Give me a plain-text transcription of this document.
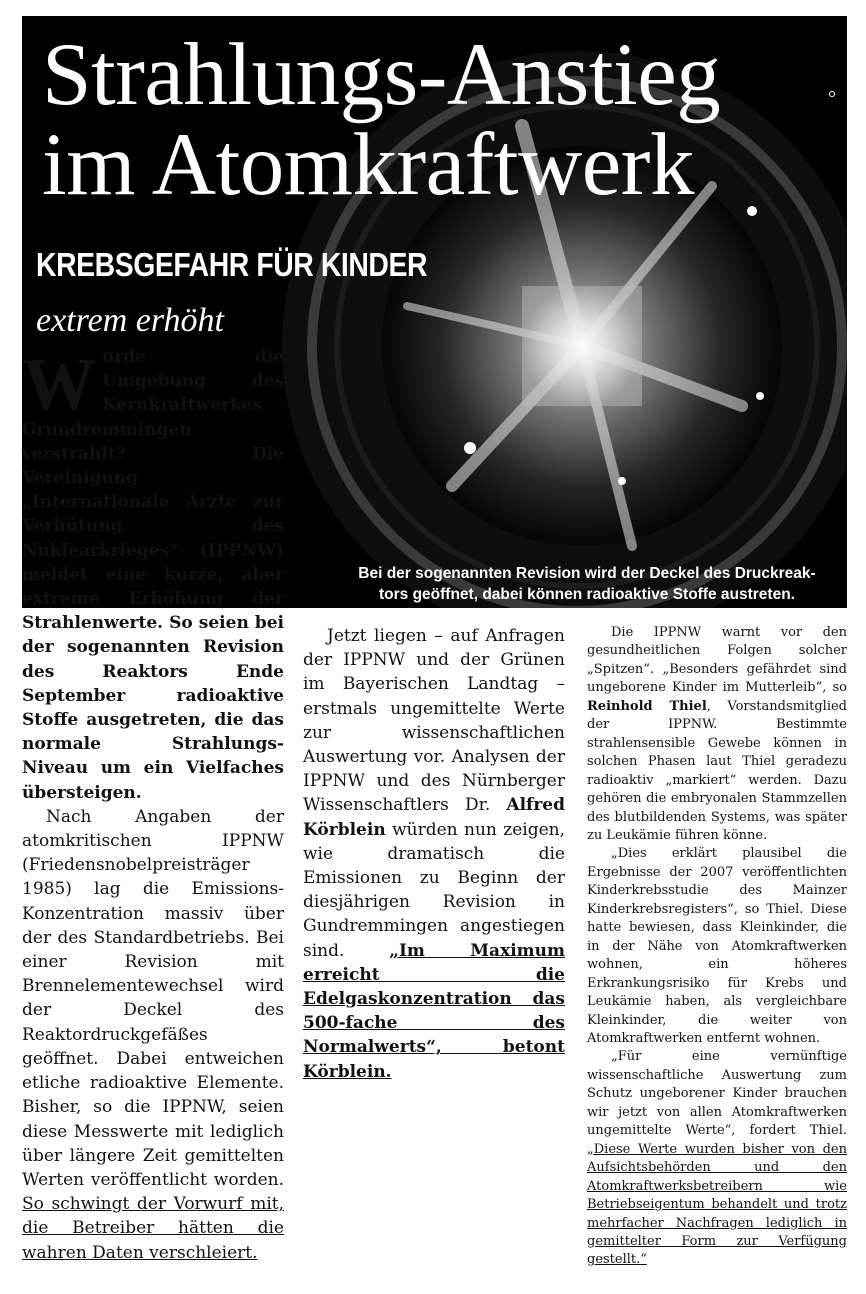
Strahlungs-Anstieg
im Atomkraftwerk
KREBSGEFAHR FÜR KINDER
extrem erhöht
Bei der sogenannten Revision wird der Deckel des Druckreak-
tors geöffnet, dabei können radioaktive Stoffe austreten.

Wurde die Umgebung des Kernkraftwerkes Grundremmingen verstrahlt? Die Vereinigung „Internationale Ärzte zur Verhütung des Nuklearkrieges“ (IPPNW) meldet eine kurze, aber extreme Erhöhung der Strahlenwerte. So seien bei der sogenannten Revision des Reaktors Ende September radioaktive Stoffe ausgetreten, die das normale Strahlungs-Niveau um ein Vielfaches übersteigen.

Nach Angaben der atomkritischen IPPNW (Friedensnobelpreisträger 1985) lag die Emissions-Konzentration massiv über der des Standardbetriebs. Bei einer Revision mit Brennelementewechsel wird der Deckel des Reaktordruckgefäßes geöffnet. Dabei entweichen etliche radioaktive Elemente. Bisher, so die IPPNW, seien diese Messwerte mit lediglich über längere Zeit gemittelten Werten veröffentlicht worden. So schwingt der Vorwurf mit, die Betreiber hätten die wahren Daten verschleiert.

Jetzt liegen – auf Anfragen der IPPNW und der Grünen im Bayerischen Landtag – erstmals ungemittelte Werte zur wissenschaftlichen Auswertung vor. Analysen der IPPNW und des Nürnberger Wissenschaftlers Dr. Alfred Körblein würden nun zeigen, wie dramatisch die Emissionen zu Beginn der diesjährigen Revision in Gundremmingen angestiegen sind. „Im Maximum erreicht die Edelgaskonzentration das 500-fache des Normalwerts“, betont Körblein.

Die IPPNW warnt vor den gesundheitlichen Folgen solcher „Spitzen“. „Besonders gefährdet sind ungeborene Kinder im Mutterleib“, so Reinhold Thiel, Vorstandsmitglied der IPPNW. Bestimmte strahlensensible Gewebe können in solchen Phasen laut Thiel geradezu radioaktiv „markiert“ werden. Dazu gehören die embryonalen Stammzellen des blutbildenden Systems, was später zu Leukämie führen könne.

„Dies erklärt plausibel die Ergebnisse der 2007 veröffentlichten Kinderkrebsstudie des Mainzer Kinderkrebsregisters“, so Thiel. Diese hatte bewiesen, dass Kleinkinder, die in der Nähe von Atomkraftwerken wohnen, ein höheres Erkrankungsrisiko für Krebs und Leukämie haben, als vergleichbare Kleinkinder, die weiter von Atomkraftwerken entfernt wohnen.

„Für eine vernünftige wissenschaftliche Auswertung zum Schutz ungeborener Kinder brauchen wir jetzt von allen Atomkraftwerken ungemittelte Werte“, fordert Thiel. „Diese Werte wurden bisher von den Aufsichtsbehörden und den Atomkraftwerksbetreibern wie Betriebseigentum behandelt und trotz mehrfacher Nachfragen lediglich in gemittelter Form zur Verfügung gestellt.“
